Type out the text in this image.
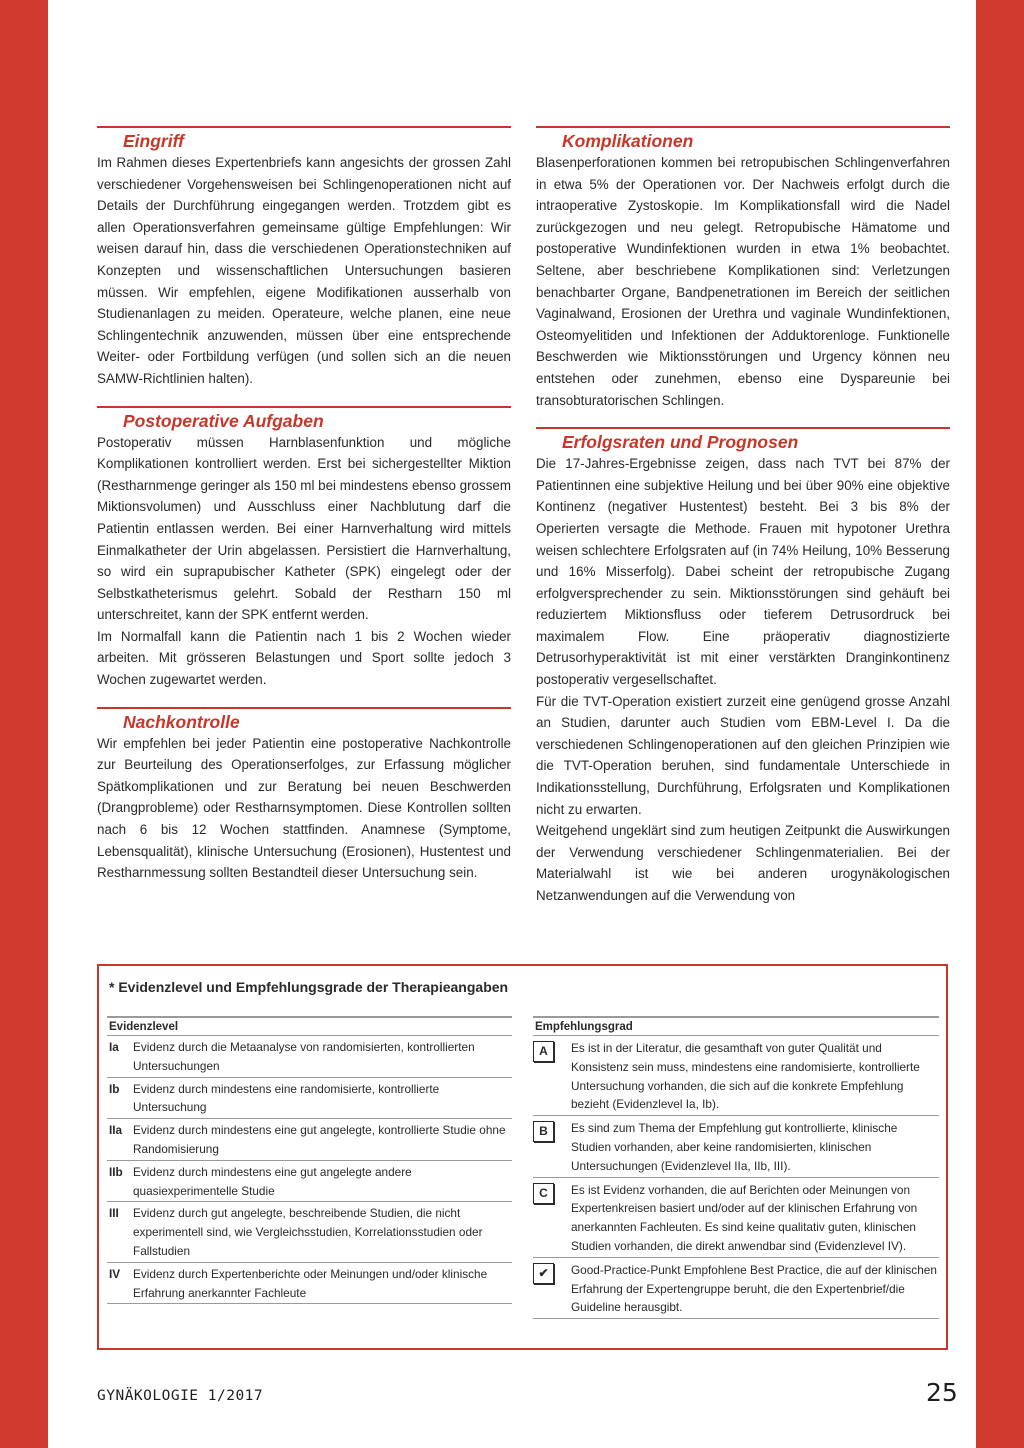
Eingriff

Im Rahmen dieses Expertenbriefs kann angesichts der grossen Zahl verschiedener Vorgehensweisen bei Schlingenoperationen nicht auf Details der Durchführung eingegangen werden. Trotzdem gibt es allen Operationsverfahren gemeinsame gültige Empfehlungen: Wir weisen darauf hin, dass die verschiedenen Operationstechniken auf Konzepten und wissenschaftlichen Untersuchungen basieren müssen. Wir empfehlen, eigene Modifikationen ausserhalb von Studienanlagen zu meiden. Operateure, welche planen, eine neue Schlingentechnik anzuwenden, müssen über eine entsprechende Weiter- oder Fortbildung verfügen (und sollen sich an die neuen SAMW-Richtlinien halten).

Postoperative Aufgaben

Postoperativ müssen Harnblasenfunktion und mögliche Komplikationen kontrolliert werden. Erst bei sichergestellter Miktion (Restharnmenge geringer als 150 ml bei mindestens ebenso grossem Miktionsvolumen) und Ausschluss einer Nachblutung darf die Patientin entlassen werden. Bei einer Harnverhaltung wird mittels Einmalkatheter der Urin abgelassen. Persistiert die Harnverhaltung, so wird ein suprapubischer Katheter (SPK) eingelegt oder der Selbstkatheterismus gelehrt. Sobald der Restharn 150 ml unterschreitet, kann der SPK entfernt werden.

Im Normalfall kann die Patientin nach 1 bis 2 Wochen wieder arbeiten. Mit grösseren Belastungen und Sport sollte jedoch 3 Wochen zugewartet werden.

Nachkontrolle

Wir empfehlen bei jeder Patientin eine postoperative Nachkontrolle zur Beurteilung des Operationserfolges, zur Erfassung möglicher Spätkomplikationen und zur Beratung bei neuen Beschwerden (Drangprobleme) oder Restharnsymptomen. Diese Kontrollen sollten nach 6 bis 12 Wochen stattfinden. Anamnese (Symptome, Lebensqualität), klinische Untersuchung (Erosionen), Hustentest und Restharnmessung sollten Bestandteil dieser Untersuchung sein.

Komplikationen

Blasenperforationen kommen bei retropubischen Schlingenverfahren in etwa 5% der Operationen vor. Der Nachweis erfolgt durch die intraoperative Zystoskopie. Im Komplikationsfall wird die Nadel zurückgezogen und neu gelegt. Retropubische Hämatome und postoperative Wundinfektionen wurden in etwa 1% beobachtet. Seltene, aber beschriebene Komplikationen sind: Verletzungen benachbarter Organe, Bandpenetrationen im Bereich der seitlichen Vaginalwand, Erosionen der Urethra und vaginale Wundinfektionen, Osteomyelitiden und Infektionen der Adduktorenloge. Funktionelle Beschwerden wie Miktionsstörungen und Urgency können neu entstehen oder zunehmen, ebenso eine Dyspareunie bei transobturatorischen Schlingen.

Erfolgsraten und Prognosen

Die 17-Jahres-Ergebnisse zeigen, dass nach TVT bei 87% der Patientinnen eine subjektive Heilung und bei über 90% eine objektive Kontinenz (negativer Hustentest) besteht. Bei 3 bis 8% der Operierten versagte die Methode. Frauen mit hypotoner Urethra weisen schlechtere Erfolgsraten auf (in 74% Heilung, 10% Besserung und 16% Misserfolg). Dabei scheint der retropubische Zugang erfolgversprechender zu sein. Miktionsstörungen sind gehäuft bei reduziertem Miktionsfluss oder tieferem Detrusordruck bei maximalem Flow. Eine präoperativ diagnostizierte Detrusorhyperaktivität ist mit einer verstärkten Dranginkontinenz postoperativ vergesellschaftet.

Für die TVT-Operation existiert zurzeit eine genügend grosse Anzahl an Studien, darunter auch Studien vom EBM-Level I. Da die verschiedenen Schlingenoperationen auf den gleichen Prinzipien wie die TVT-Operation beruhen, sind fundamentale Unterschiede in Indikationsstellung, Durchführung, Erfolgsraten und Komplikationen nicht zu erwarten.

Weitgehend ungeklärt sind zum heutigen Zeitpunkt die Auswirkungen der Verwendung verschiedener Schlingenmaterialien. Bei der Materialwahl ist wie bei anderen urogynäkologischen Netzanwendungen auf die Verwendung von

* Evidenzlevel und Empfehlungsgrade der Therapieangaben
Evidenzlevel
Ia	Evidenz durch die Metaanalyse von randomisierten, kontrollierten Untersuchungen
Ib	Evidenz durch mindestens eine randomisierte, kontrollierte Untersuchung
IIa Evidenz durch mindestens eine gut angelegte, kontrollierte Studie ohne Randomisierung
IIb Evidenz durch mindestens eine gut angelegte andere quasiexperimentelle Studie
III	Evidenz durch gut angelegte, beschreibende Studien, die nicht experimentell sind, wie Vergleichsstudien, Korrelationsstudien oder Fallstudien
IV	Evidenz durch Expertenberichte oder Meinungen und/oder klinische Erfahrung anerkannter Fachleute
Empfehlungsgrad
A	Es ist in der Literatur, die gesamthaft von guter Qualität und Konsistenz sein muss, mindestens eine randomisierte, kontrollierte Untersuchung vorhanden, die sich auf die konkrete Empfehlung bezieht (Evidenzlevel Ia, Ib).
B	Es sind zum Thema der Empfehlung gut kontrollierte, klinische Studien vorhanden, aber keine randomisierten, klinischen Untersuchungen (Evidenzlevel IIa, IIb, III).
C	Es ist Evidenz vorhanden, die auf Berichten oder Meinungen von Expertenkreisen basiert und/oder auf der klinischen Erfahrung von anerkannten Fachleuten. Es sind keine qualitativ guten, klinischen Studien vorhanden, die direkt anwendbar sind (Evidenzlevel IV).
✔	Good-Practice-Punkt Empfohlene Best Practice, die auf der klinischen Erfahrung der Expertengruppe beruht, die den Expertenbrief/die Guideline herausgibt.
GYNÄKOLOGIE 1/2017	25
